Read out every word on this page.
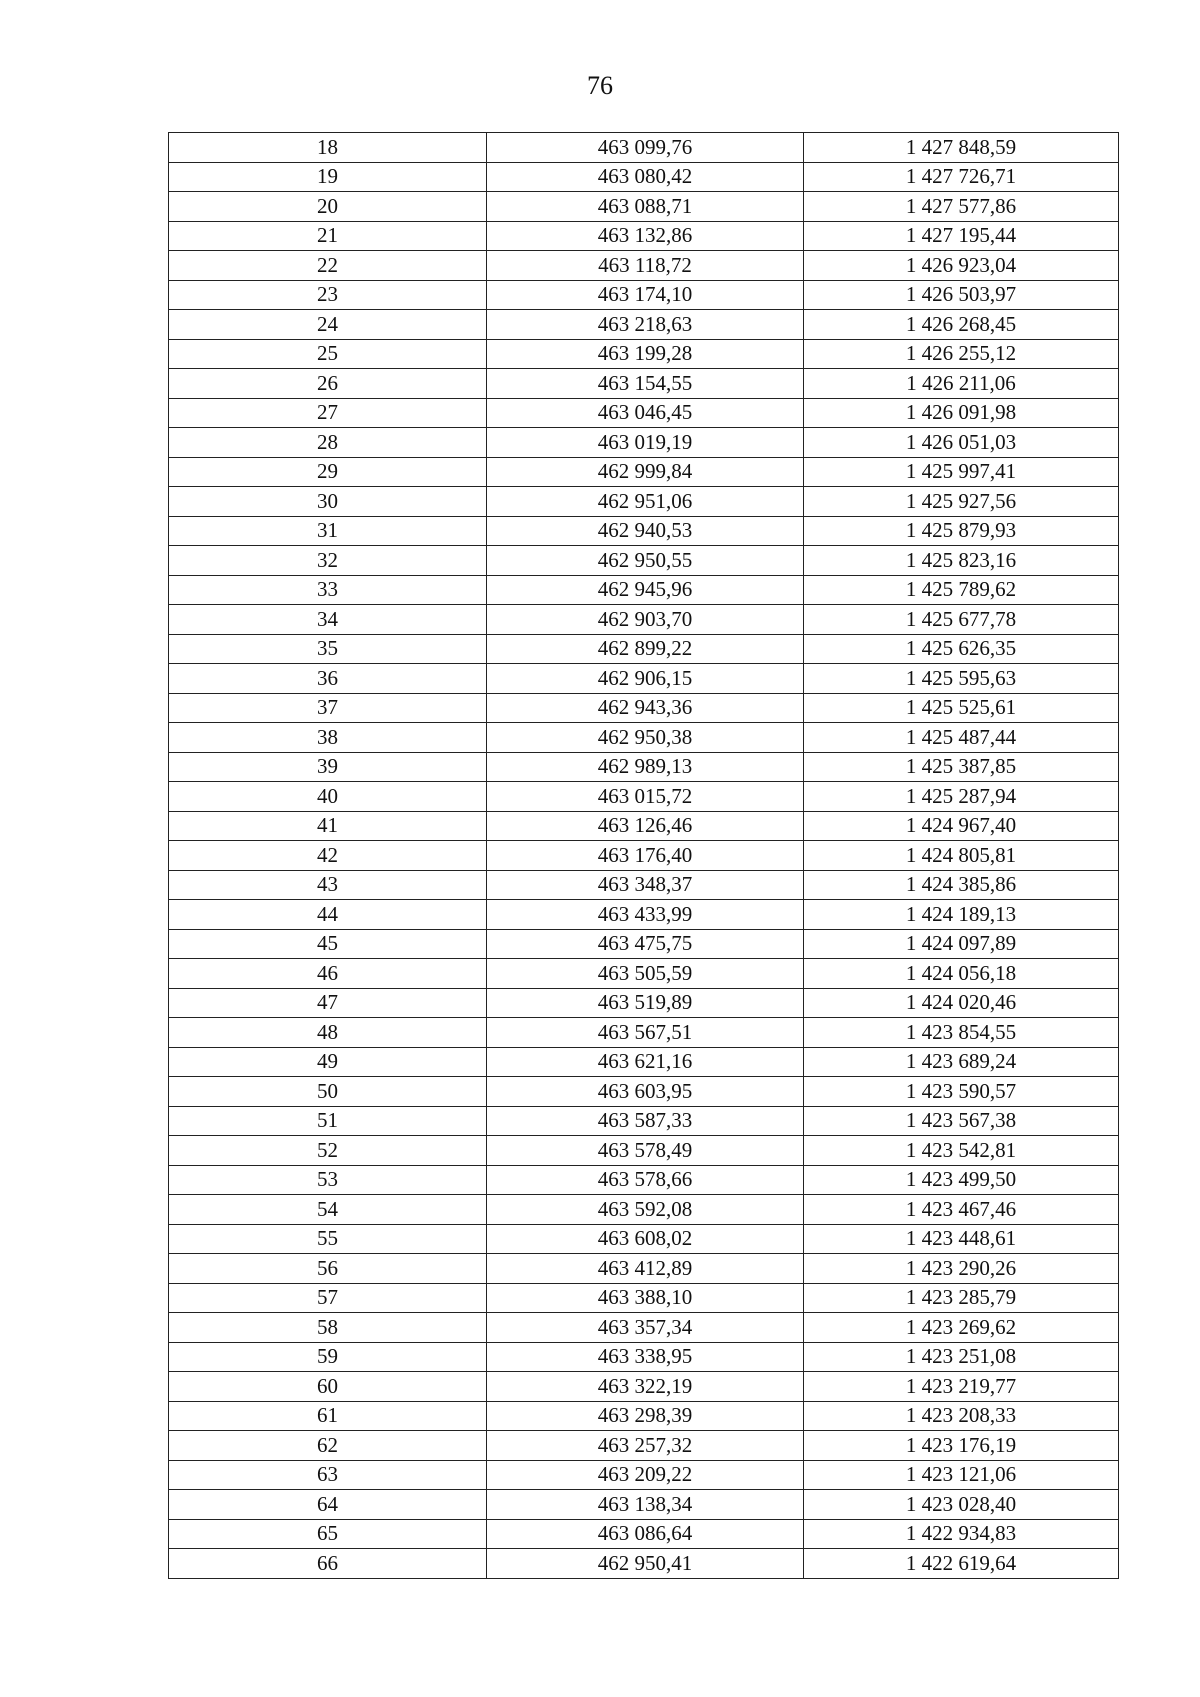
76
18	463 099,76	1 427 848,59
19	463 080,42	1 427 726,71
20	463 088,71	1 427 577,86
21	463 132,86	1 427 195,44
22	463 118,72	1 426 923,04
23	463 174,10	1 426 503,97
24	463 218,63	1 426 268,45
25	463 199,28	1 426 255,12
26	463 154,55	1 426 211,06
27	463 046,45	1 426 091,98
28	463 019,19	1 426 051,03
29	462 999,84	1 425 997,41
30	462 951,06	1 425 927,56
31	462 940,53	1 425 879,93
32	462 950,55	1 425 823,16
33	462 945,96	1 425 789,62
34	462 903,70	1 425 677,78
35	462 899,22	1 425 626,35
36	462 906,15	1 425 595,63
37	462 943,36	1 425 525,61
38	462 950,38	1 425 487,44
39	462 989,13	1 425 387,85
40	463 015,72	1 425 287,94
41	463 126,46	1 424 967,40
42	463 176,40	1 424 805,81
43	463 348,37	1 424 385,86
44	463 433,99	1 424 189,13
45	463 475,75	1 424 097,89
46	463 505,59	1 424 056,18
47	463 519,89	1 424 020,46
48	463 567,51	1 423 854,55
49	463 621,16	1 423 689,24
50	463 603,95	1 423 590,57
51	463 587,33	1 423 567,38
52	463 578,49	1 423 542,81
53	463 578,66	1 423 499,50
54	463 592,08	1 423 467,46
55	463 608,02	1 423 448,61
56	463 412,89	1 423 290,26
57	463 388,10	1 423 285,79
58	463 357,34	1 423 269,62
59	463 338,95	1 423 251,08
60	463 322,19	1 423 219,77
61	463 298,39	1 423 208,33
62	463 257,32	1 423 176,19
63	463 209,22	1 423 121,06
64	463 138,34	1 423 028,40
65	463 086,64	1 422 934,83
66	462 950,41	1 422 619,64
